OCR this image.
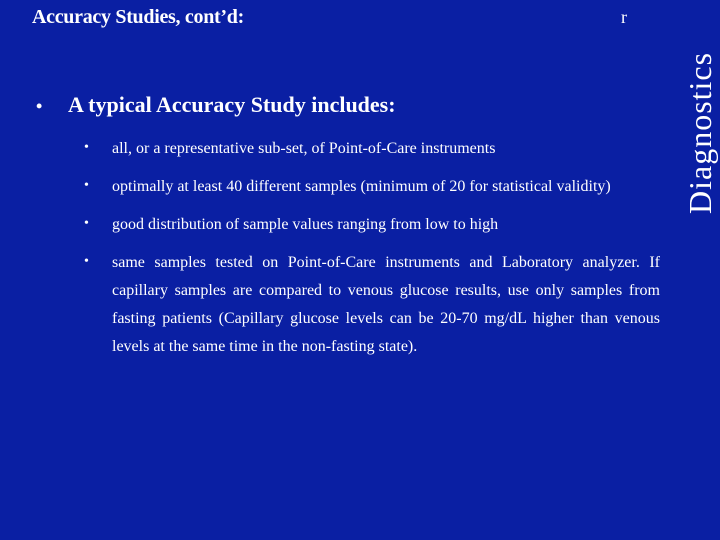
Accuracy Studies, cont’d:	r
Diagnostics
•	A typical Accuracy Study includes:
•	all, or a representative sub-set, of Point-of-Care instruments
•	optimally at least 40 different samples (minimum of 20 for statistical validity)
•	good distribution of sample values ranging from low to high
•	same samples tested on Point-of-Care instruments and Laboratory analyzer. If capillary samples are compared to venous glucose results, use only samples from fasting patients (Capillary glucose levels can be 20-70 mg/dL higher than venous levels at the same time in the non-fasting state).
